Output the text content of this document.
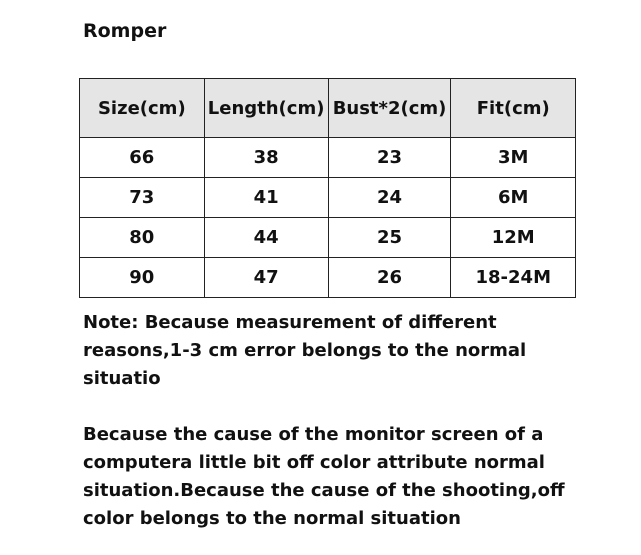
Romper
Size(cm)	Length(cm)	Bust*2(cm)	Fit(cm)
66	38	23	3M
73	41	24	6M
80	44	25	12M
90	47	26	18-24M
Note: Because measurement of different
reasons,1-3 cm error belongs to the normal
situatio
Because the cause of the monitor screen of a
computera little bit off color attribute normal
situation.Because the cause of the shooting,off
color belongs to the normal situation
